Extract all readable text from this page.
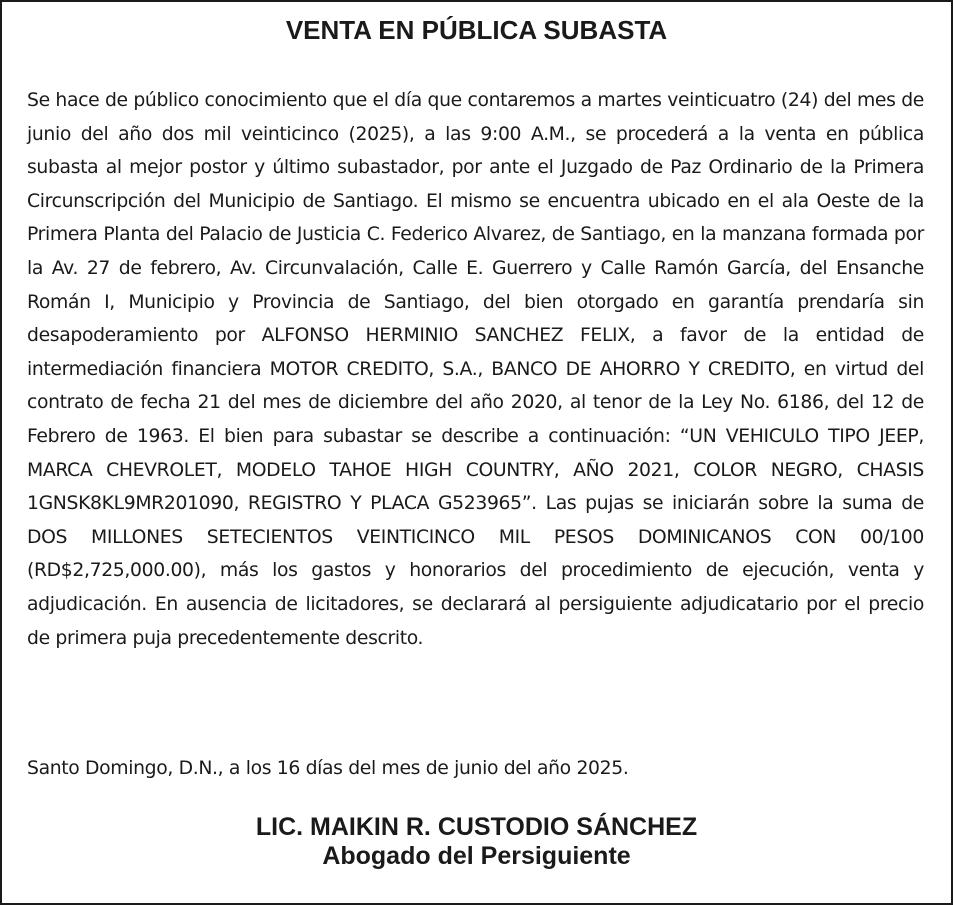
VENTA EN PÚBLICA SUBASTA

Se hace de público conocimiento que el día que contaremos a martes veinticuatro (24) del mes de junio del año dos mil veinticinco (2025), a las 9:00 A.M., se procederá a la venta en pública subasta al mejor postor y último subastador, por ante el Juzgado de Paz Ordinario de la Primera Circunscripción del Municipio de Santiago. El mismo se encuentra ubicado en el ala Oeste de la Primera Planta del Palacio de Justicia C. Federico Alvarez, de Santiago, en la manzana formada por la Av. 27 de febrero, Av. Circunvalación, Calle E. Guerrero y Calle Ramón García, del Ensanche Román I, Municipio y Provincia de Santiago, del bien otorgado en garantía prendaría sin desapoderamiento por ALFONSO HERMINIO SANCHEZ FELIX, a favor de la entidad de intermediación financiera MOTOR CREDITO, S.A., BANCO DE AHORRO Y CREDITO, en virtud del contrato de fecha 21 del mes de diciembre del año 2020, al tenor de la Ley No. 6186, del 12 de Febrero de 1963. El bien para subastar se describe a continuación: “UN VEHICULO TIPO JEEP, MARCA CHEVROLET, MODELO TAHOE HIGH COUNTRY, AÑO 2021, COLOR NEGRO, CHASIS 1GNSK8KL9MR201090, REGISTRO Y PLACA G523965”. Las pujas se iniciarán sobre la suma de DOS MILLONES SETECIENTOS VEINTICINCO MIL PESOS DOMINICANOS CON 00/100 (RD$2,725,000.00), más los gastos y honorarios del procedimiento de ejecución, venta y adjudicación. En ausencia de licitadores, se declarará al persiguiente adjudicatario por el precio de primera puja precedentemente descrito.

Santo Domingo, D.N., a los 16 días del mes de junio del año 2025.

LIC. MAIKIN R. CUSTODIO SÁNCHEZ
Abogado del Persiguiente
